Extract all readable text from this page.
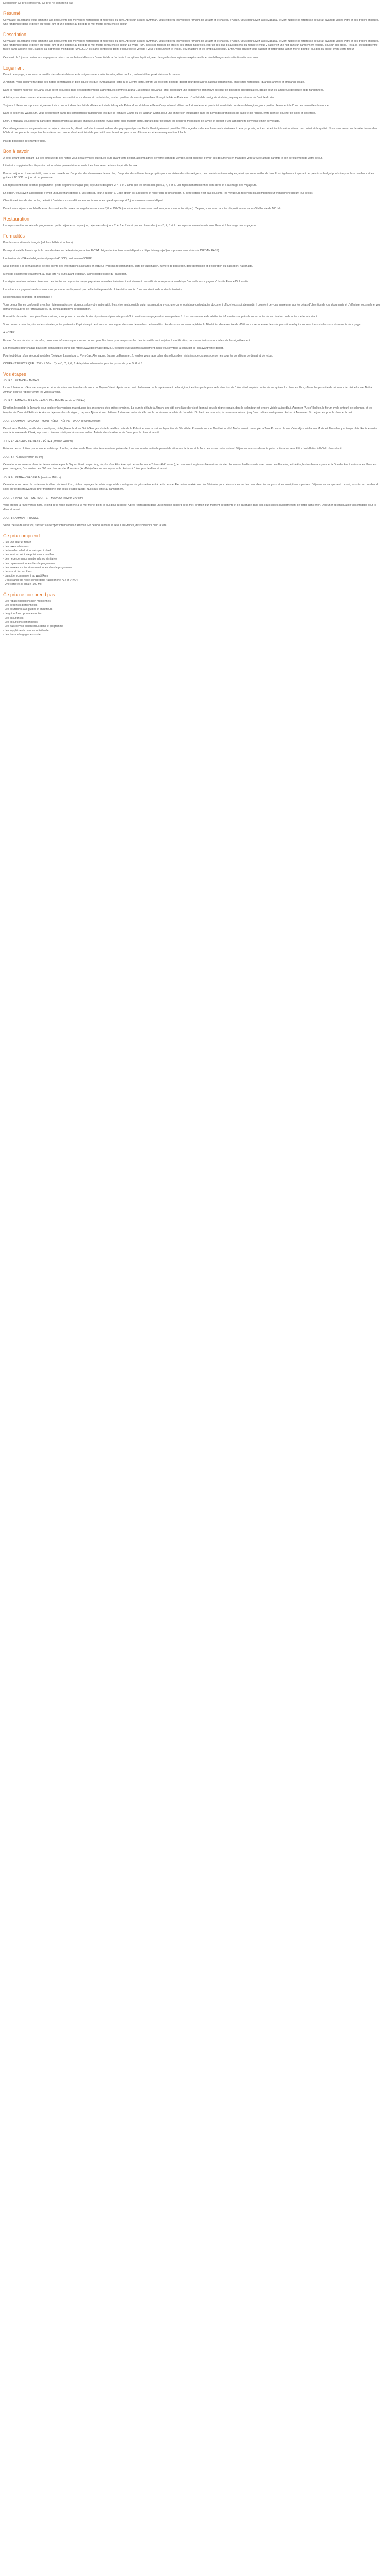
Description Ce prix comprend / Ce prix ne comprend pas
Résumé

Ce voyage en Jordanie vous emmène à la découverte des merveilles historiques et naturelles du pays. Après un accueil à Amman, vous explorez les vestiges romains de Jérash et le château d'Ajloun. Vous poursuivez avec Madaba, le Mont Nébo et la forteresse de Kérak avant de visiter Pétra et ses trésors antiques. Une randonnée dans le désert du Wadi Rum et une détente au bord de la mer Morte concluent ce séjour.

Description

Ce voyage en Jordanie vous emmène à la découverte des merveilles historiques et naturelles du pays. Après un accueil à Amman, vous explorez les vestiges romains de Jérash et le château d'Ajloun. Vous poursuivez avec Madaba, le Mont Nébo et la forteresse de Kérak avant de visiter Pétra et ses trésors antiques. Une randonnée dans le désert du Wadi Rum et une détente au bord de la mer Morte concluent ce séjour. Le Wadi Rum, avec ses falaises de grès et ses arches naturelles, est l'un des plus beaux déserts du monde et vous y passerez une nuit dans un campement typique, sous un ciel étoilé. Pétra, la cité nabatéenne taillée dans la roche rose, classée au patrimoine mondial de l'UNESCO, est sans conteste le point d'orgue de ce voyage : vous y découvrirez le Trésor, le Monastère et les tombeaux royaux. Enfin, vous pourrez vous baigner et flotter dans la mer Morte, point le plus bas du globe, avant votre retour.

Ce circuit de 8 jours convient aux voyageurs curieux qui souhaitent découvrir l'essentiel de la Jordanie à un rythme équilibré, avec des guides francophones expérimentés et des hébergements sélectionnés avec soin.

Logement

Durant ce voyage, vous serez accueillis dans des établissements soigneusement sélectionnés, alliant confort, authenticité et proximité avec la nature.

À Amman, vous séjournerez dans des hôtels confortables et bien situés tels que l'Ambassador Hotel ou le Centro Hotel, offrant un excellent point de départ pour découvrir la capitale jordanienne, entre sites historiques, quartiers animés et ambiance locale.

Dans la réserve naturelle de Dana, vous serez accueillis dans des hébergements authentiques comme la Dana Guesthouse ou Dana's Trail, proposant une expérience immersive au cœur de paysages spectaculaires, idéale pour les amoureux de nature et de randonnées.

À Pétra, vous vivrez une expérience unique dans des sanitaires modernes et confortables, tout en profitant de vues imprenables. Il s'agit de l'Amra Palace ou d'un hôtel de catégorie similaire, à quelques minutes de l'entrée du site.

Toujours à Pétra, vous pourrez également vivre une nuit dans des hôtels idéalement situés tels que le Petra Moon Hotel ou le Petra Canyon Hotel, alliant confort moderne et proximité immédiate du site archéologique, pour profiter pleinement de l'une des merveilles du monde.

Dans le désert du Wadi Rum, vous séjournerez dans des campements traditionnels tels que le Rahayeb Camp ou le Hasanan Camp, pour une immersion inoubliable dans les paysages grandioses de sable et de roches, entre silence, coucher de soleil et ciel étoilé.

Enfin, à Madaba, vous logerez dans des établissements à l'accueil chaleureux comme l'Atlas Hotel ou le Mariam Hotel, parfaits pour découvrir les célèbres mosaïques de la ville et profiter d'une atmosphère conviviale en fin de voyage.

Ces hébergements vous garantissent un séjour mémorable, alliant confort et immersion dans des paysages époustouflants. Il est également possible d'être logé dans des établissements similaires à ceux proposés, tout en bénéficiant du même niveau de confort et de qualité. Nous nous assurons de sélectionner des hôtels et campements respectant les critères de charme, d'authenticité et de proximité avec la nature, pour vous offrir une expérience unique et inoubliable.

Pas de possibilité de chambre triple.

Bon à savoir

À avoir avant votre départ : La très difficulté de ces hôtels vous sera envoyée quelques jours avant votre départ, accompagnée de votre carnet de voyage. Il est essentiel d'avoir ces documents en main dès votre arrivée afin de garantir le bon déroulement de votre séjour.

L'itinéraire suggéré et les étapes incontournables peuvent être amenés à évoluer selon certains impératifs locaux.

Pour un séjour en toute sérénité, nous vous conseillons d'emporter des chaussures de marche, d'emporter des vêtements appropriés pour les visites des sites religieux, des produits anti-moustiques, ainsi que votre maillot de bain. Il est également important de prévoir un budget pourboire pour les chauffeurs et les guides à 10 JOD par jour et par personne.

Les repas sont inclus selon le programme : petits déjeuners chaque jour, déjeuners des jours 2, 4, 6 et 7 ainsi que les dîners des jours 3, 4, 5 et 7. Les repas non mentionnés sont libres et à la charge des voyageurs.

En option, vous avez la possibilité d'avoir un guide francophone à vos côtés du jour 2 au jour 7. Cette option est à réserver et régler lors de l'inscription. Si cette option n'est pas souscrite, les voyageurs réservent d'accompagnateur francophone durant leur séjour.

Obtention et frais de visa inclus, délivré à l'arrivée sous condition de nous fournir une copie du passeport 7 jours minimum avant départ.

Durant votre séjour vous bénéficierez des services de notre concierge/ia francophone 7j/7 et 24h/24 (coordonnées transmises quelques jours avant votre départ). De plus, vous aurez à votre disposition une carte eSIM locale de 100 Mo.

Restauration

Les repas sont inclus selon le programme : petits déjeuners chaque jour, déjeuners des jours 2, 4, 6 et 7 ainsi que les dîners des jours 3, 4, 5 et 7. Les repas non mentionnés sont libres et à la charge des voyageurs.

Formalités

Pour les ressortissants français (adultes, bébés et enfants) :

Passeport valable 6 mois après la date d'arrivée sur le territoire jordanien. EVISA obligatoire à obtenir avant départ sur https://visa.gov.jo/ (vous pouvez vous aider du JORDAN PASS).

L'obtention du VISA est obligatoire et payant (40 JOD), soit environ 50EUR.

Nous portons à la connaissance de nos clients des informations sanitaires en vigueur : vaccins recommandés, carte de vaccination, numéro de passeport, date d'émission et d'expiration du passeport, nationalité.

Merci de transmettre également, au plus tard 45 jours avant le départ, la photocopie lisible du passeport.

Les règles relatives au franchissement des frontières propres à chaque pays étant amenées à évoluer, il est vivement conseillé de se reporter à la rubrique "conseils aux voyageurs" du site France Diplomatie.

Les mineurs voyageant seuls ou avec une personne ne disposant pas de l'autorité parentale doivent être munis d'une autorisation de sortie du territoire.

Ressortissants étrangers et binationaux :

Vous devez être en conformité avec les réglementations en vigueur, selon votre nationalité. Il est vivement possible qu'un passeport, un visa, une carte touristique ou tout autre document officiel vous soit demandé. Il convient de vous renseigner sur les délais d'obtention de ces documents et d'effectuer vous-même vos démarches auprès de l'ambassade ou du consulat du pays de destination.

Formalités de santé : pour plus d'informations, vous pouvez consulter le site https://www.diplomatie.gouv.fr/fr/conseils-aux-voyageurs/ et www.pasteur.fr. Il est recommandé de vérifier les informations auprès de votre centre de vaccination ou de votre médecin traitant.

Vous pouvez contacter, si vous le souhaitez, notre partenaire Rapidvisa qui peut vous accompagner dans vos démarches de formalités. Rendez-vous sur www.rapidvisa.fr. Bénéficiez d'une remise de -15% sur ce service avec le code promotionnel qui vous sera transmis dans vos documents de voyage.

A NOTER

En cas d'erreur de visa ou de refus, nous vous informons que vous ne pourrez pas être tenus pour responsables. Les formalités sont sujettes à modification, nous vous invitons donc à les vérifier régulièrement.

Les modalités pour chaque pays sont consultables sur le site https://www.diplomatie.gouv.fr. L'actualité évoluant très rapidement, nous vous invitons à consulter ce lien avant votre départ.

Pour tout départ d'un aéroport frontalier (Belgique, Luxembourg, Pays-Bas, Allemagne, Suisse ou Espagne...), veuillez vous rapprocher des offices des ministères de ces pays concernés pour les conditions de départ et de retour.

COURANT ÉLECTRIQUE : 230 V à 50Hz. Type C, D, F, G, J. Adaptateur nécessaire pour les prises de type D, G et J.

Vos étapes

JOUR 1 : FRANCE – AMMAN

Le vol à l'aéroport d'Amman marque le début de votre aventure dans le cœur du Moyen-Orient. Après un accueil chaleureux par le représentant de la région, il est temps de prendre la direction de l'hôtel situé en plein centre de la capitale. Le dîner est libre, offrant l'opportunité de découvrir la cuisine locale. Nuit à Amman pour se reposer avant les visites à venir.

JOUR 2 : AMMAN – JÉRASH – AJLOUN – AMMAN (environ 150 km)

Direction le nord de la Jordanie pour explorer les vestiges majestueux des anciennes cités gréco-romaines. La journée débute à Jérash, une cité dont l'âge d'or s'est épanoui sous le règne romain, dont la splendeur est encore visible aujourd'hui. Arpentez l'Arc d'Hadrien, le forum ovale entouré de colonnes, et les temples de Zeus et d'Artémis. Après un déjeuner dans la région, cap vers Ajloun et son château, forteresse arabe du XIIe siècle qui domine la vallée du Jourdain. Du haut des remparts, le panorama s'étend jusqu'aux collines verdoyantes. Retour à Amman en fin de journée pour le dîner et la nuit.

JOUR 3 : AMMAN – MADABA – MONT NÉBO – KÉRAK – DANA (environ 240 km)

Départ vers Madaba, la ville des mosaïques, où l'église orthodoxe Saint-Georges abrite la célèbre carte de la Palestine, une mosaïque byzantine du VIe siècle. Poursuite vers le Mont Nébo, d'où Moïse aurait contemplé la Terre Promise : la vue s'étend jusqu'à la mer Morte et Jérusalem par temps clair. Route ensuite vers la forteresse de Kérak, imposant château croisé perché sur une colline. Arrivée dans la réserve de Dana pour le dîner et la nuit.

JOUR 4 : RÉSERVE DE DANA – PÉTRA (environ 240 km)

Entre roches sculptées par le vent et vallées profondes, la réserve de Dana dévoile une nature préservée. Une randonnée matinale permet de découvrir la faune et la flore de ce sanctuaire naturel. Déjeuner en cours de route puis continuation vers Pétra. Installation à l'hôtel, dîner et nuit.

JOUR 5 : PÉTRA (environ 55 km)

Ce matin, vous entrerez dans la cité nabatéenne par le Siq, un étroit canyon long de plus d'un kilomètre, qui débouche sur le Trésor (Al-Khazneh), le monument le plus emblématique du site. Poursuivez la découverte avec la rue des Façades, le théâtre, les tombeaux royaux et la Grande Rue à colonnades. Pour les plus courageux, l'ascension des 800 marches vers le Monastère (Ad-Deir) offre une vue imprenable. Retour à l'hôtel pour le dîner et la nuit.

JOUR 6 : PÉTRA – WADI RUM (environ 110 km)

Ce matin, vous prenez la route vers le désert du Wadi Rum, où les paysages de sable rouge et de montagnes de grès s'étendent à perte de vue. Excursion en 4x4 avec les Bédouins pour découvrir les arches naturelles, les canyons et les inscriptions rupestres. Déjeuner au campement. Le soir, assistez au coucher du soleil sur le désert avant un dîner traditionnel cuit sous le sable (zarb). Nuit sous tente au campement.

JOUR 7 : WADI RUM – MER MORTE – MADABA (environ 370 km)

Vous prenez la route vers le nord, le long de la route qui mène à la mer Morte, point le plus bas du globe. Après l'installation dans un complexe au bord de la mer, profitez d'un moment de détente et de baignade dans ses eaux salées qui permettent de flotter sans effort. Déjeuner et continuation vers Madaba pour le dîner et la nuit.

JOUR 8 : AMMAN – FRANCE

Selon l'heure de votre vol, transfert à l'aéroport international d'Amman. Fin de nos services et retour en France, des souvenirs plein la tête.

Ce prix comprend

- Les vols aller et retour

- Les taxes aériennes

- Le transfert aller/retour aéroport / hôtel

- Le circuit en véhicule privé avec chauffeur

- Les hébergements mentionnés ou similaires

- Les repas mentionnés dans le programme

- Les entrées sur les sites mentionnés dans le programme

- Le visa et Jordan Pass

- La nuit en campement au Wadi Rum

- L'assistance de notre conciergerie francophone 7j/7 et 24h/24

- Une carte eSIM locale (100 Mo)

Ce prix ne comprend pas

- Les repas et boissons non mentionnés

- Les dépenses personnelles

- Les pourboires aux guides et chauffeurs

- Le guide francophone en option

- Les assurances

- Les excursions optionnelles

- Les frais de visa si non inclus dans le programme

- Les supplément chambre individuelle

- Les frais de bagages en soute
